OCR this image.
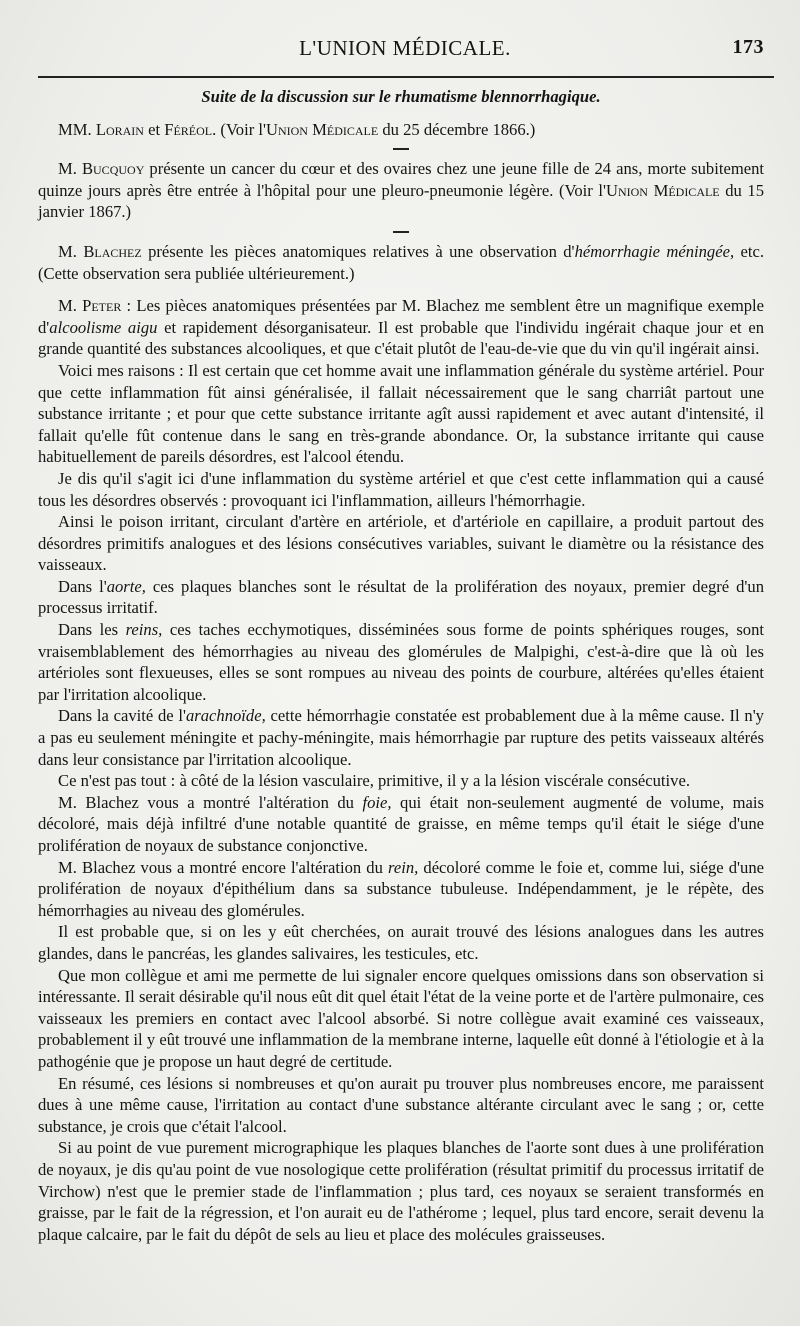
L'UNION MÉDICALE.	173

Suite de la discussion sur le rhumatisme blennorrhagique.

MM. Lorain et Féréol. (Voir l'Union Médicale du 25 décembre 1866.)

M. Bucquoy présente un cancer du cœur et des ovaires chez une jeune fille de 24 ans, morte subitement quinze jours après être entrée à l'hôpital pour une pleuro-pneumonie légère. (Voir l'Union Médicale du 15 janvier 1867.)

M. Blachez présente les pièces anatomiques relatives à une observation d'hémorrhagie méningée, etc. (Cette observation sera publiée ultérieurement.)

M. Peter : Les pièces anatomiques présentées par M. Blachez me semblent être un magnifique exemple d'alcoolisme aigu et rapidement désorganisateur. Il est probable que l'individu ingérait chaque jour et en grande quantité des substances alcooliques, et que c'était plutôt de l'eau-de-vie que du vin qu'il ingérait ainsi.

Voici mes raisons : Il est certain que cet homme avait une inflammation générale du système artériel. Pour que cette inflammation fût ainsi généralisée, il fallait nécessairement que le sang charriât partout une substance irritante ; et pour que cette substance irritante agît aussi rapidement et avec autant d'intensité, il fallait qu'elle fût contenue dans le sang en très-grande abondance. Or, la substance irritante qui cause habituellement de pareils désordres, est l'alcool étendu.

Je dis qu'il s'agit ici d'une inflammation du système artériel et que c'est cette inflammation qui a causé tous les désordres observés : provoquant ici l'inflammation, ailleurs l'hémorrhagie.

Ainsi le poison irritant, circulant d'artère en artériole, et d'artériole en capillaire, a produit partout des désordres primitifs analogues et des lésions consécutives variables, suivant le diamètre ou la résistance des vaisseaux.

Dans l'aorte, ces plaques blanches sont le résultat de la prolifération des noyaux, premier degré d'un processus irritatif.

Dans les reins, ces taches ecchymotiques, disséminées sous forme de points sphériques rouges, sont vraisemblablement des hémorrhagies au niveau des glomérules de Malpighi, c'est-à-dire que là où les artérioles sont flexueuses, elles se sont rompues au niveau des points de courbure, altérées qu'elles étaient par l'irritation alcoolique.

Dans la cavité de l'arachnoïde, cette hémorrhagie constatée est probablement due à la même cause. Il n'y a pas eu seulement méningite et pachy-méningite, mais hémorrhagie par rupture des petits vaisseaux altérés dans leur consistance par l'irritation alcoolique.

Ce n'est pas tout : à côté de la lésion vasculaire, primitive, il y a la lésion viscérale consécutive.

M. Blachez vous a montré l'altération du foie, qui était non-seulement augmenté de volume, mais décoloré, mais déjà infiltré d'une notable quantité de graisse, en même temps qu'il était le siége d'une prolifération de noyaux de substance conjonctive.

M. Blachez vous a montré encore l'altération du rein, décoloré comme le foie et, comme lui, siége d'une prolifération de noyaux d'épithélium dans sa substance tubuleuse. Indépendamment, je le répète, des hémorrhagies au niveau des glomérules.

Il est probable que, si on les y eût cherchées, on aurait trouvé des lésions analogues dans les autres glandes, dans le pancréas, les glandes salivaires, les testicules, etc.

Que mon collègue et ami me permette de lui signaler encore quelques omissions dans son observation si intéressante. Il serait désirable qu'il nous eût dit quel était l'état de la veine porte et de l'artère pulmonaire, ces vaisseaux les premiers en contact avec l'alcool absorbé. Si notre collègue avait examiné ces vaisseaux, probablement il y eût trouvé une inflammation de la membrane interne, laquelle eût donné à l'étiologie et à la pathogénie que je propose un haut degré de certitude.

En résumé, ces lésions si nombreuses et qu'on aurait pu trouver plus nombreuses encore, me paraissent dues à une même cause, l'irritation au contact d'une substance altérante circulant avec le sang ; or, cette substance, je crois que c'était l'alcool.

Si au point de vue purement micrographique les plaques blanches de l'aorte sont dues à une prolifération de noyaux, je dis qu'au point de vue nosologique cette prolifération (résultat primitif du processus irritatif de Virchow) n'est que le premier stade de l'inflammation ; plus tard, ces noyaux se seraient transformés en graisse, par le fait de la régression, et l'on aurait eu de l'athérome ; lequel, plus tard encore, serait devenu la plaque calcaire, par le fait du dépôt de sels au lieu et place des molécules graisseuses.
